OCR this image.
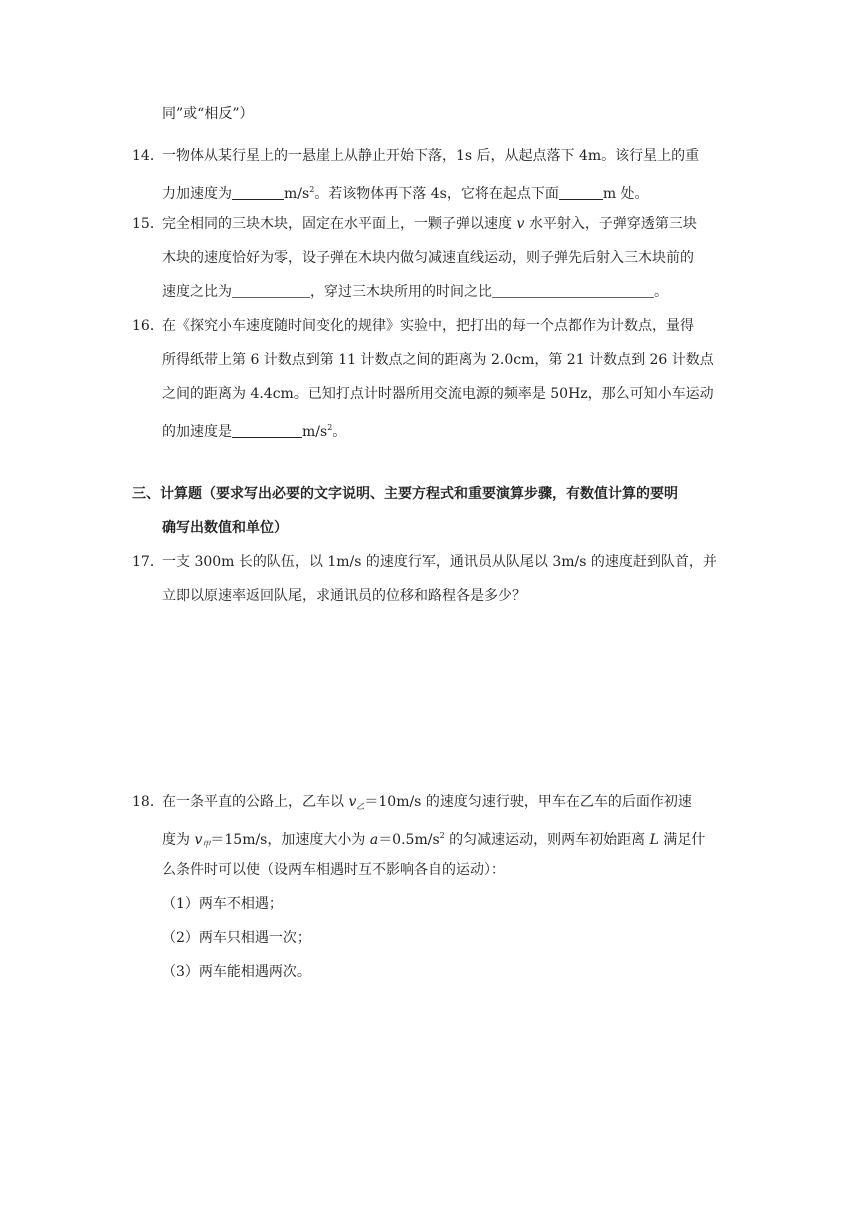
同”或“相反”）
14．
一物体从某行星上的一悬崖上从静止开始下落，1s 后，从起点落下 4m。该行星上的重
力加速度为	$m/s^2$。若该物体再下落 4s，它将在起点下面	m 处。
15．
完全相同的三块木块，固定在水平面上，一颗子弹以速度 v 水平射入，子弹穿透第三块
木块的速度恰好为零，设子弹在木块内做匀减速直线运动，则子弹先后射入三木块前的
速度之比为	，穿过三木块所用的时间之比	。
16．
在《探究小车速度随时间变化的规律》实验中，把打出的每一个点都作为计数点，量得
所得纸带上第 6 计数点到第 11 计数点之间的距离为 2.0cm，第 21 计数点到 26 计数点
之间的距离为 4.4cm。已知打点计时器所用交流电源的频率是 50Hz，那么可知小车运动
的加速度是	$m/s^2$。
三、计算题（要求写出必要的文字说明、主要方程式和重要演算步骤，有数值计算的要明
确写出数值和单位）
17．
一支 300m 长的队伍，以 1m/s 的速度行军，通讯员从队尾以 3m/s 的速度赶到队首，并
立即以原速率返回队尾，求通讯员的位移和路程各是多少？
18．
在一条平直的公路上，乙车以 $v_乙=10m/s$ 的速度匀速行驶，甲车在乙车的后面作初速
度为 $v_甲=15m/s$，加速度大小为 $a=0.5m/s^2$ 的匀减速运动，则两车初始距离 L 满足什
么条件时可以使（设两车相遇时互不影响各自的运动）：
（1）两车不相遇；
（2）两车只相遇一次；
（3）两车能相遇两次。
